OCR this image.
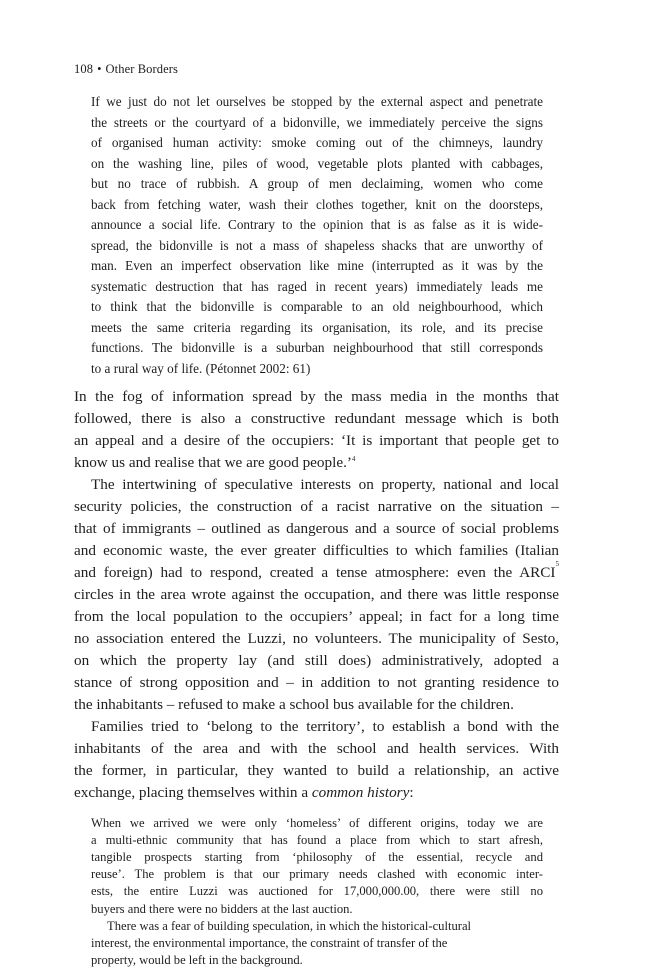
108 • Other Borders
If we just do not let ourselves be stopped by the external aspect and penetrate
the streets or the courtyard of a bidonville, we immediately perceive the signs
of organised human activity: smoke coming out of the chimneys, laundry
on the washing line, piles of wood, vegetable plots planted with cabbages,
but no trace of rubbish. A group of men declaiming, women who come
back from fetching water, wash their clothes together, knit on the doorsteps,
announce a social life. Contrary to the opinion that is as false as it is wide-
spread, the bidonville is not a mass of shapeless shacks that are unworthy of
man. Even an imperfect observation like mine (interrupted as it was by the
systematic destruction that has raged in recent years) immediately leads me
to think that the bidonville is comparable to an old neighbourhood, which
meets the same criteria regarding its organisation, its role, and its precise
functions. The bidonville is a suburban neighbourhood that still corresponds
to a rural way of life. (Pétonnet 2002: 61)
In the fog of information spread by the mass media in the months that
followed, there is also a constructive redundant message which is both
an appeal and a desire of the occupiers: ‘It is important that people get to
know us and realise that we are good people.’$^4$
The intertwining of speculative interests on property, national and local
security policies, the construction of a racist narrative on the situation –
that of immigrants – outlined as dangerous and a source of social problems
and economic waste, the ever greater difficulties to which families (Italian
and foreign) had to respond, created a tense atmosphere: even the ARCI 5
circles in the area wrote against the occupation, and there was little response
from the local population to the occupiers’ appeal; in fact for a long time
no association entered the Luzzi, no volunteers. The municipality of Sesto,
on which the property lay (and still does) administratively, adopted a
stance of strong opposition and – in addition to not granting residence to
the inhabitants – refused to make a school bus available for the children.
Families tried to ‘belong to the territory’, to establish a bond with the
inhabitants of the area and with the school and health services. With
the former, in particular, they wanted to build a relationship, an active
exchange, placing themselves within a common history:
When we arrived we were only ‘homeless’ of different origins, today we are
a multi-ethnic community that has found a place from which to start afresh,
tangible prospects starting from ‘philosophy of the essential, recycle and
reuse’. The problem is that our primary needs clashed with economic inter-
ests, the entire Luzzi was auctioned for 17,000,000.00, there were still no
buyers and there were no bidders at the last auction.
There was a fear of building speculation, in which the historical-cultural
interest, the environmental importance, the constraint of transfer of the
property, would be left in the background.
